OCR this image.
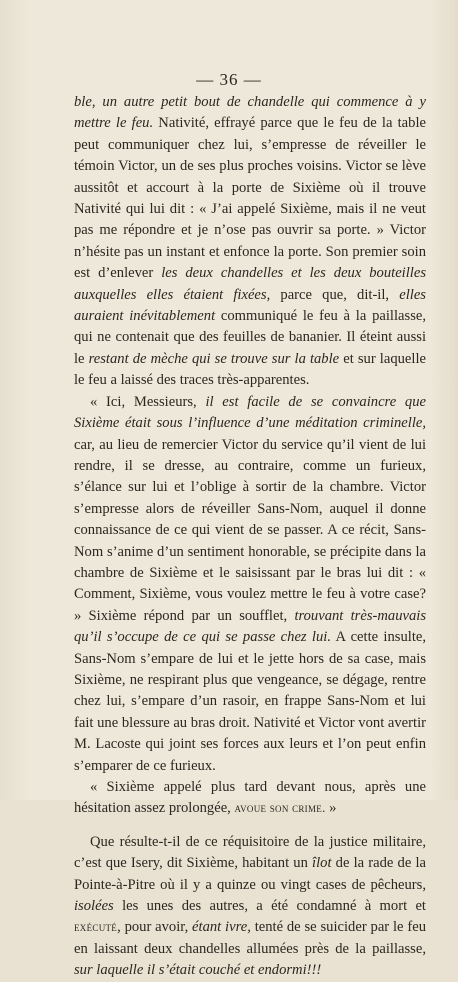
— 36 —

ble, un autre petit bout de chandelle qui commence à y mettre le feu. Nativité, effrayé parce que le feu de la table peut communiquer chez lui, s’empresse de réveiller le témoin Victor, un de ses plus proches voisins. Victor se lève aussitôt et accourt à la porte de Sixième où il trouve Nativité qui lui dit : « J’ai appelé Sixième, mais il ne veut pas me répondre et je n’ose pas ouvrir sa porte. » Victor n’hésite pas un instant et enfonce la porte. Son premier soin est d’enlever les deux chandelles et les deux bouteilles auxquelles elles étaient fixées, parce que, dit-il, elles auraient inévitablement communiqué le feu à la paillasse, qui ne contenait que des feuilles de bananier. Il éteint aussi le restant de mèche qui se trouve sur la table et sur laquelle le feu a laissé des traces très-apparentes.

« Ici, Messieurs, il est facile de se convaincre que Sixième était sous l’influence d’une méditation criminelle, car, au lieu de remercier Victor du service qu’il vient de lui rendre, il se dresse, au contraire, comme un furieux, s’élance sur lui et l’oblige à sortir de la chambre. Victor s’empresse alors de réveiller Sans-Nom, auquel il donne connaissance de ce qui vient de se passer. A ce récit, Sans-Nom s’anime d’un sentiment honorable, se précipite dans la chambre de Sixième et le saisissant par le bras lui dit : « Comment, Sixième, vous voulez mettre le feu à votre case? » Sixième répond par un soufflet, trouvant très-mauvais qu’il s’occupe de ce qui se passe chez lui. A cette insulte, Sans-Nom s’empare de lui et le jette hors de sa case, mais Sixième, ne respirant plus que vengeance, se dégage, rentre chez lui, s’empare d’un rasoir, en frappe Sans-Nom et lui fait une blessure au bras droit. Nativité et Victor vont avertir M. Lacoste qui joint ses forces aux leurs et l’on peut enfin s’emparer de ce furieux.

« Sixième appelé plus tard devant nous, après une hésitation assez prolongée, avoue son crime. »

Que résulte-t-il de ce réquisitoire de la justice militaire, c’est que Isery, dit Sixième, habitant un îlot de la rade de la Pointe-à-Pitre où il y a quinze ou vingt cases de pêcheurs, isolées les unes des autres, a été condamné à mort et exécuté, pour avoir, étant ivre, tenté de se suicider par le feu en laissant deux chandelles allumées près de la paillasse, sur laquelle il s’était couché et endormi!!!
